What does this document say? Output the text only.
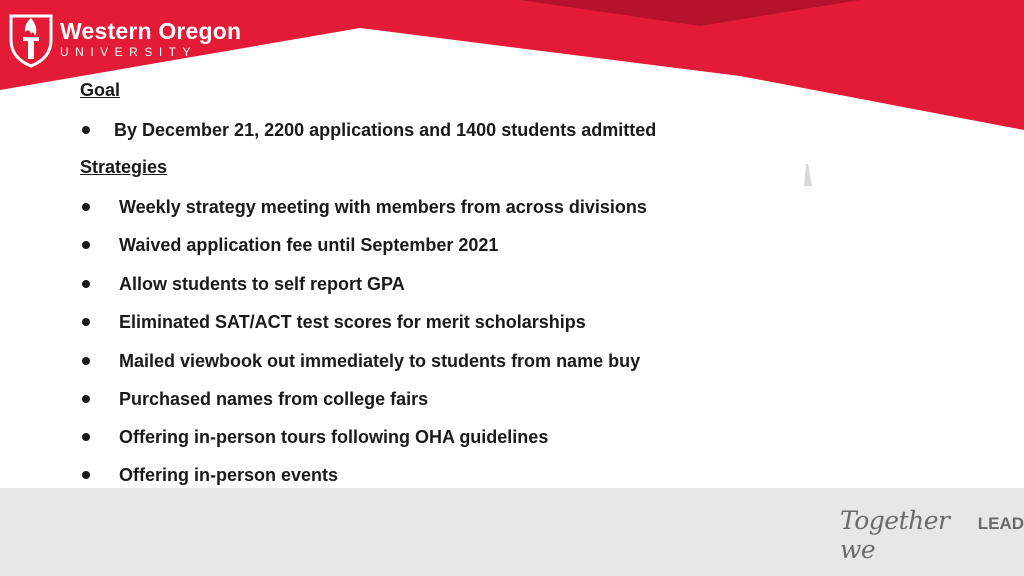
Western Oregon
UNIVERSITY
Goal
By December 21, 2200 applications and 1400 students admitted
Strategies
Weekly strategy meeting with members from across divisions
Waived application fee until September 2021
Allow students to self report GPA
Eliminated SAT/ACT test scores for merit scholarships
Mailed viewbook out immediately to students from name buy
Purchased names from college fairs
Offering in-person tours following OHA guidelines
Offering in-person events
Together we
LEAD
